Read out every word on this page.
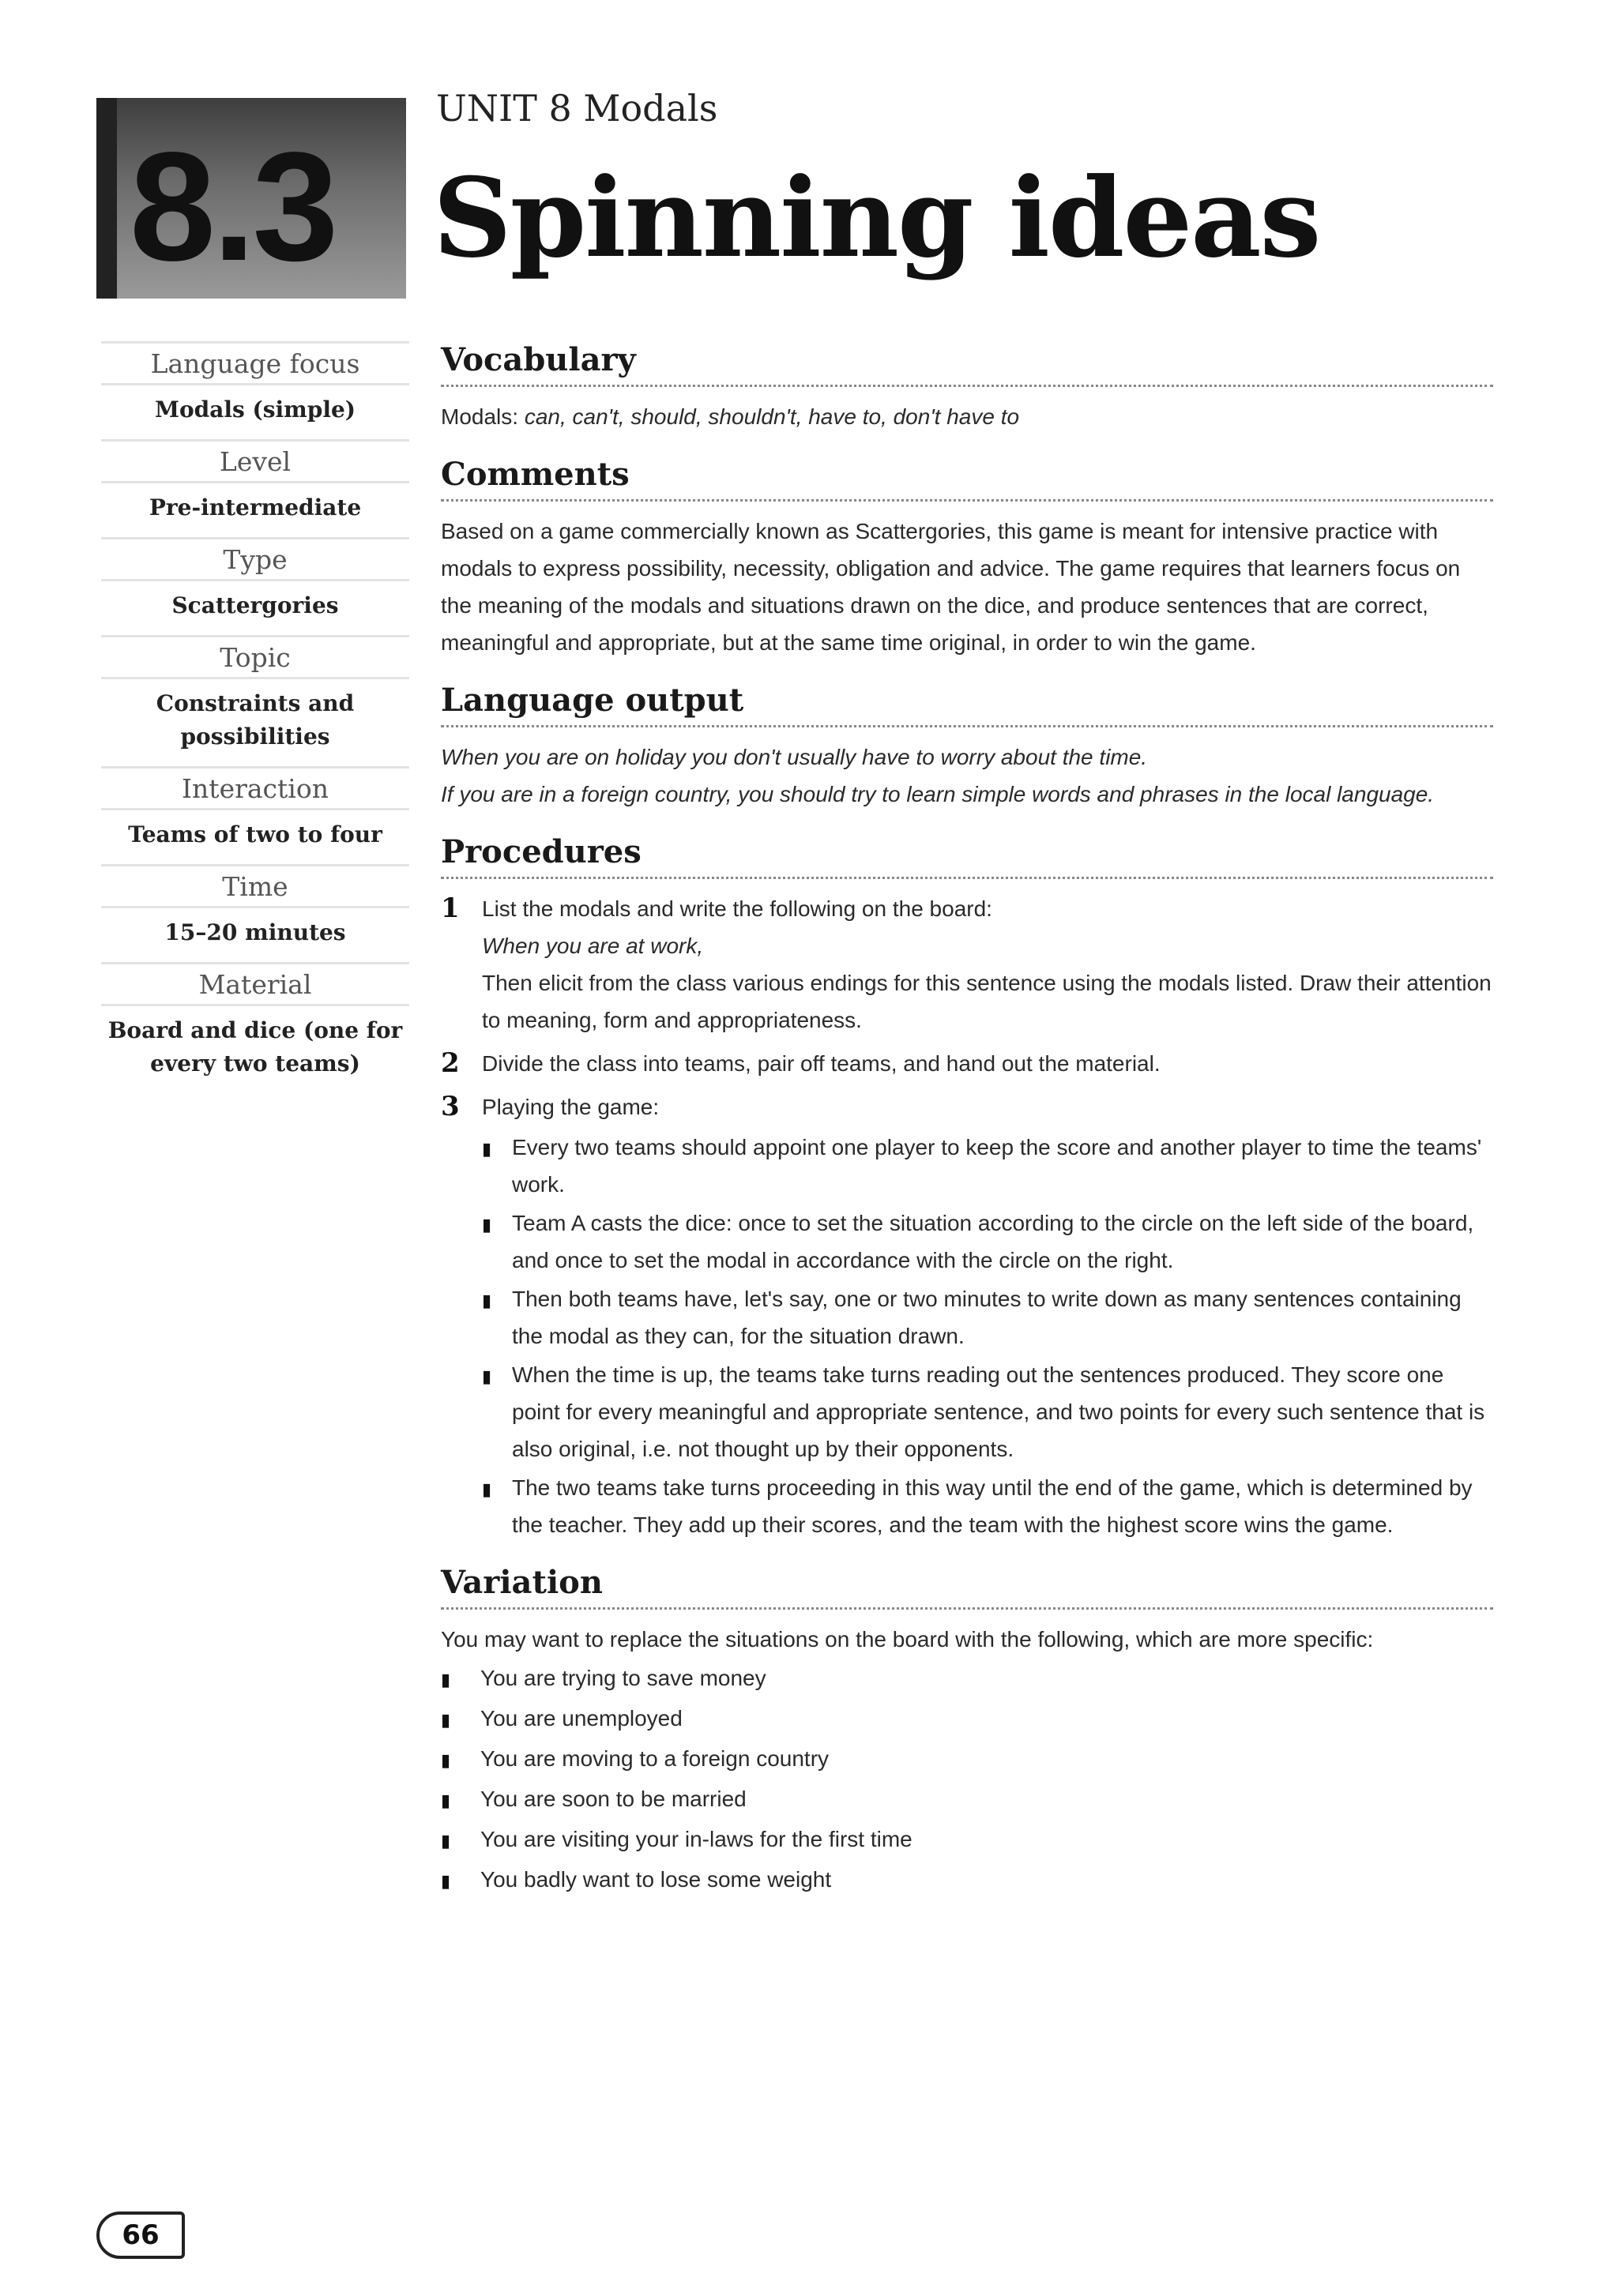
8.3
UNIT 8 Modals
Spinning ideas
Language focus
Modals (simple)
Level
Pre-intermediate
Type
Scattergories
Topic
Constraints and possibilities
Interaction
Teams of two to four
Time
15–20 minutes
Material
Board and dice (one for every two teams)
Vocabulary
Modals: can, can't, should, shouldn't, have to, don't have to
Comments
Based on a game commercially known as Scattergories, this game is meant for intensive practice with modals to express possibility, necessity, obligation and advice. The game requires that learners focus on the meaning of the modals and situations drawn on the dice, and produce sentences that are correct, meaningful and appropriate, but at the same time original, in order to win the game.
Language output
When you are on holiday you don't usually have to worry about the time.
If you are in a foreign country, you should try to learn simple words and phrases in the local language.
Procedures
1	List the modals and write the following on the board:
When you are at work,
Then elicit from the class various endings for this sentence using the modals listed. Draw their attention to meaning, form and appropriateness.
2	Divide the class into teams, pair off teams, and hand out the material.
3	Playing the game:
▮ Every two teams should appoint one player to keep the score and another player to time the teams' work.
▮ Team A casts the dice: once to set the situation according to the circle on the left side of the board, and once to set the modal in accordance with the circle on the right.
▮ Then both teams have, let's say, one or two minutes to write down as many sentences containing the modal as they can, for the situation drawn.
▮ When the time is up, the teams take turns reading out the sentences produced. They score one point for every meaningful and appropriate sentence, and two points for every such sentence that is also original, i.e. not thought up by their opponents.
▮ The two teams take turns proceeding in this way until the end of the game, which is determined by the teacher. They add up their scores, and the team with the highest score wins the game.
Variation
You may want to replace the situations on the board with the following, which are more specific:
▮	You are trying to save money
▮	You are unemployed
▮	You are moving to a foreign country
▮	You are soon to be married
▮	You are visiting your in-laws for the first time
▮	You badly want to lose some weight
66
